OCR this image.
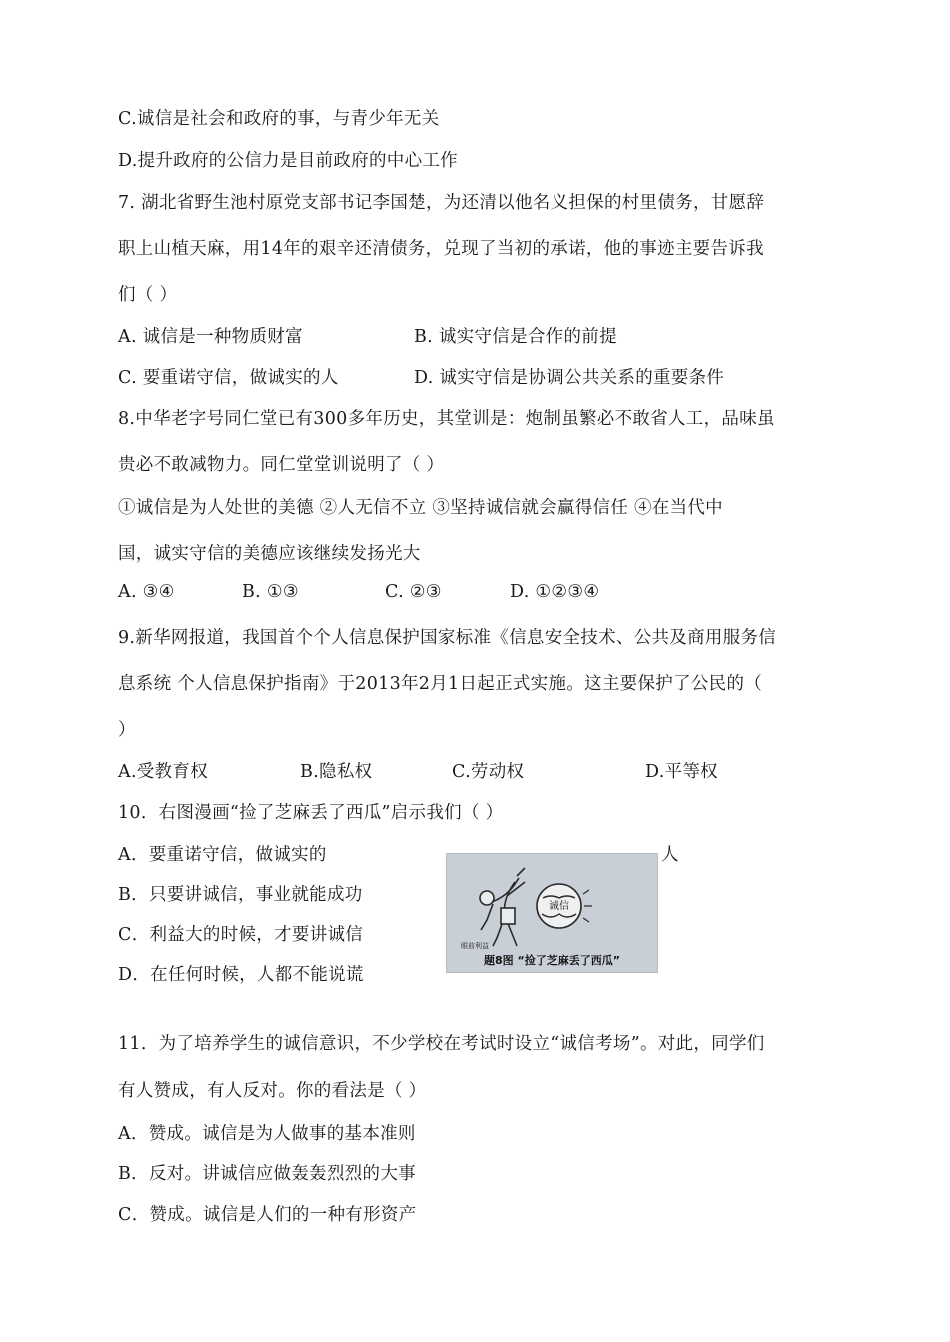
C.诚信是社会和政府的事，与青少年无关
D.提升政府的公信力是目前政府的中心工作
7. 湖北省野生池村原党支部书记李国楚，为还清以他名义担保的村里债务，甘愿辞
职上山植天麻，用14年的艰辛还清债务，兑现了当初的承诺，他的事迹主要告诉我
们（ ）
A. 诚信是一种物质财富	B. 诚实守信是合作的前提
C. 要重诺守信，做诚实的人	D. 诚实守信是协调公共关系的重要条件
8.中华老字号同仁堂已有300多年历史，其堂训是：炮制虽繁必不敢省人工，品味虽
贵必不敢减物力。同仁堂堂训说明了（ ）
①诚信是为人处世的美德 ②人无信不立 ③坚持诚信就会赢得信任 ④在当代中
国，诚实守信的美德应该继续发扬光大
A. ③④	B. ①③	C. ②③	D. ①②③④
9.新华网报道，我国首个个人信息保护国家标准《信息安全技术、公共及商用服务信
息系统 个人信息保护指南》于2013年2月1日起正式实施。这主要保护了公民的（
）
A.受教育权	B.隐私权	C.劳动权	D.平等权
10．右图漫画“捡了芝麻丢了西瓜”启示我们（ ）
A．要重诺守信，做诚实的	人
B．只要讲诚信，事业就能成功
C．利益大的时候，才要讲诚信
D．在任何时候，人都不能说谎
眼前利益
诚信
题8图 “捡了芝麻丢了西瓜”
11．为了培养学生的诚信意识，不少学校在考试时设立“诚信考场”。对此，同学们
有人赞成，有人反对。你的看法是（ ）
A．赞成。诚信是为人做事的基本准则
B．反对。讲诚信应做轰轰烈烈的大事
C．赞成。诚信是人们的一种有形资产
